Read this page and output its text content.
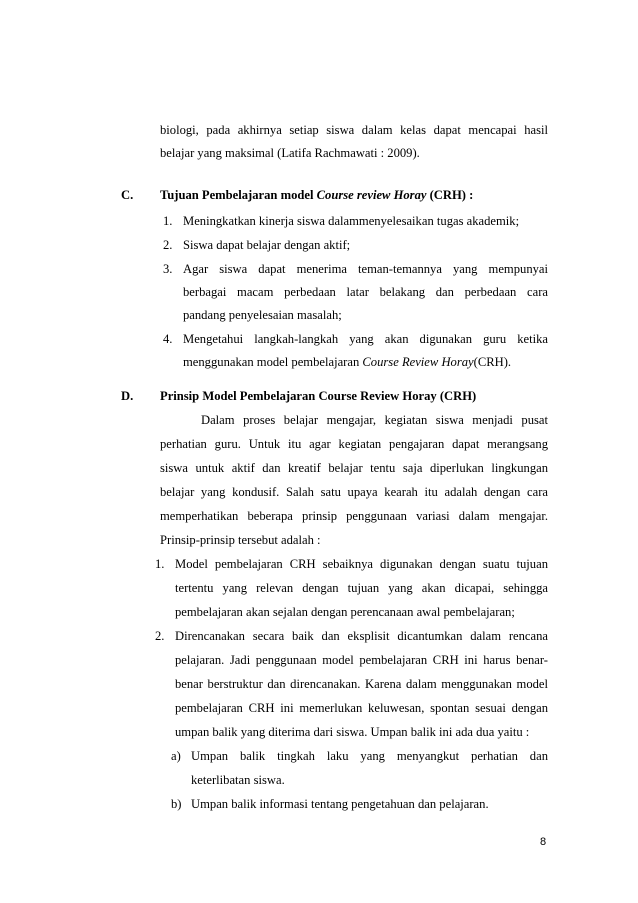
biologi, pada akhirnya setiap siswa dalam kelas dapat mencapai hasil
belajar yang maksimal (Latifa Rachmawati : 2009).
C. Tujuan Pembelajaran model Course review Horay (CRH) :
1. Meningkatkan kinerja siswa dalammenyelesaikan tugas akademik;
2. Siswa dapat belajar dengan aktif;
3. Agar siswa dapat menerima teman-temannya yang mempunyai
berbagai macam perbedaan latar belakang dan perbedaan cara
pandang penyelesaian masalah;
4. Mengetahui langkah-langkah yang akan digunakan guru ketika
menggunakan model pembelajaran Course Review Horay(CRH).
D. Prinsip Model Pembelajaran Course Review Horay (CRH)
Dalam proses belajar mengajar, kegiatan siswa menjadi pusat
perhatian guru. Untuk itu agar kegiatan pengajaran dapat merangsang
siswa untuk aktif dan kreatif belajar tentu saja diperlukan lingkungan
belajar yang kondusif. Salah satu upaya kearah itu adalah dengan cara
memperhatikan beberapa prinsip penggunaan variasi dalam mengajar.
Prinsip-prinsip tersebut adalah :
1. Model pembelajaran CRH sebaiknya digunakan dengan suatu tujuan
tertentu yang relevan dengan tujuan yang akan dicapai, sehingga
pembelajaran akan sejalan dengan perencanaan awal pembelajaran;
2. Direncanakan secara baik dan eksplisit dicantumkan dalam rencana
pelajaran. Jadi penggunaan model pembelajaran CRH ini harus benar-
benar berstruktur dan direncanakan. Karena dalam menggunakan model
pembelajaran CRH ini memerlukan keluwesan, spontan sesuai dengan
umpan balik yang diterima dari siswa. Umpan balik ini ada dua yaitu :
a) Umpan balik tingkah laku yang menyangkut perhatian dan
keterlibatan siswa.
b) Umpan balik informasi tentang pengetahuan dan pelajaran.
8
